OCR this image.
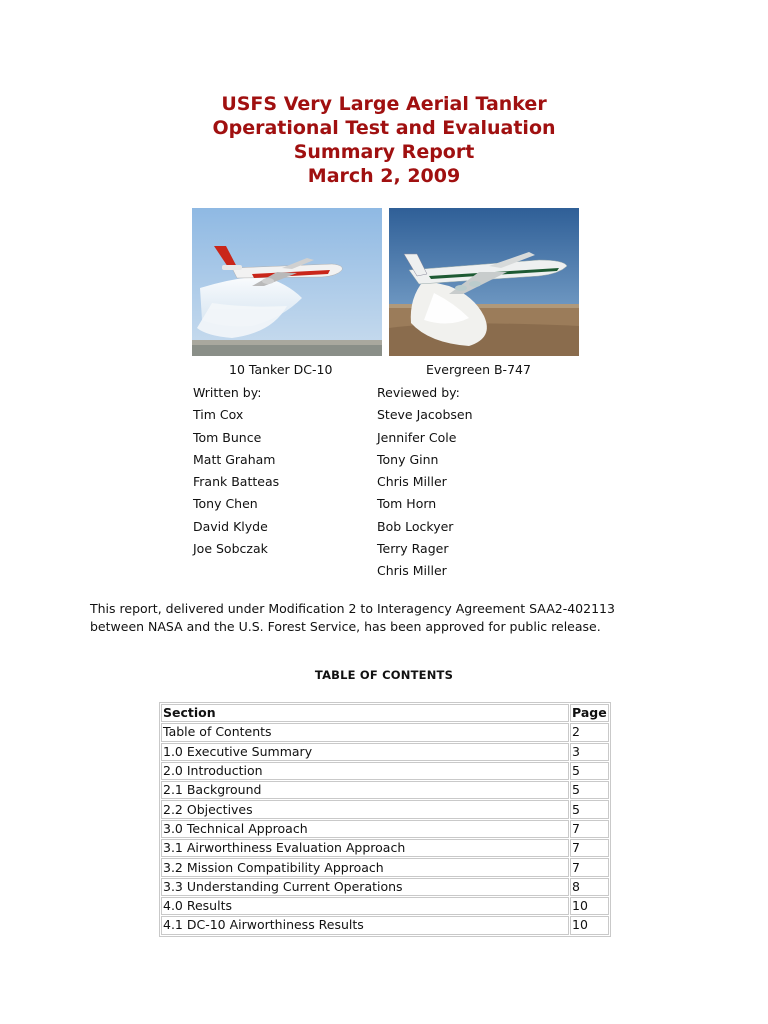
USFS Very Large Aerial Tanker
Operational Test and Evaluation
Summary Report
March 2, 2009
10 Tanker DC-10	Evergreen B-747
Written by:
Tim Cox
Tom Bunce
Matt Graham
Frank Batteas
Tony Chen
David Klyde
Joe Sobczak
Reviewed by:
Steve Jacobsen
Jennifer Cole
Tony Ginn
Chris Miller
Tom Horn
Bob Lockyer
Terry Rager
Chris Miller
This report, delivered under Modification 2 to Interagency Agreement SAA2-402113
between NASA and the U.S. Forest Service, has been approved for public release.
TABLE OF CONTENTS
Section	Page
Table of Contents	2
1.0 Executive Summary	3
2.0 Introduction	5
2.1 Background	5
2.2 Objectives	5
3.0 Technical Approach	7
3.1 Airworthiness Evaluation Approach	7
3.2 Mission Compatibility Approach	7
3.3 Understanding Current Operations	8
4.0 Results	10
4.1 DC-10 Airworthiness Results	10
